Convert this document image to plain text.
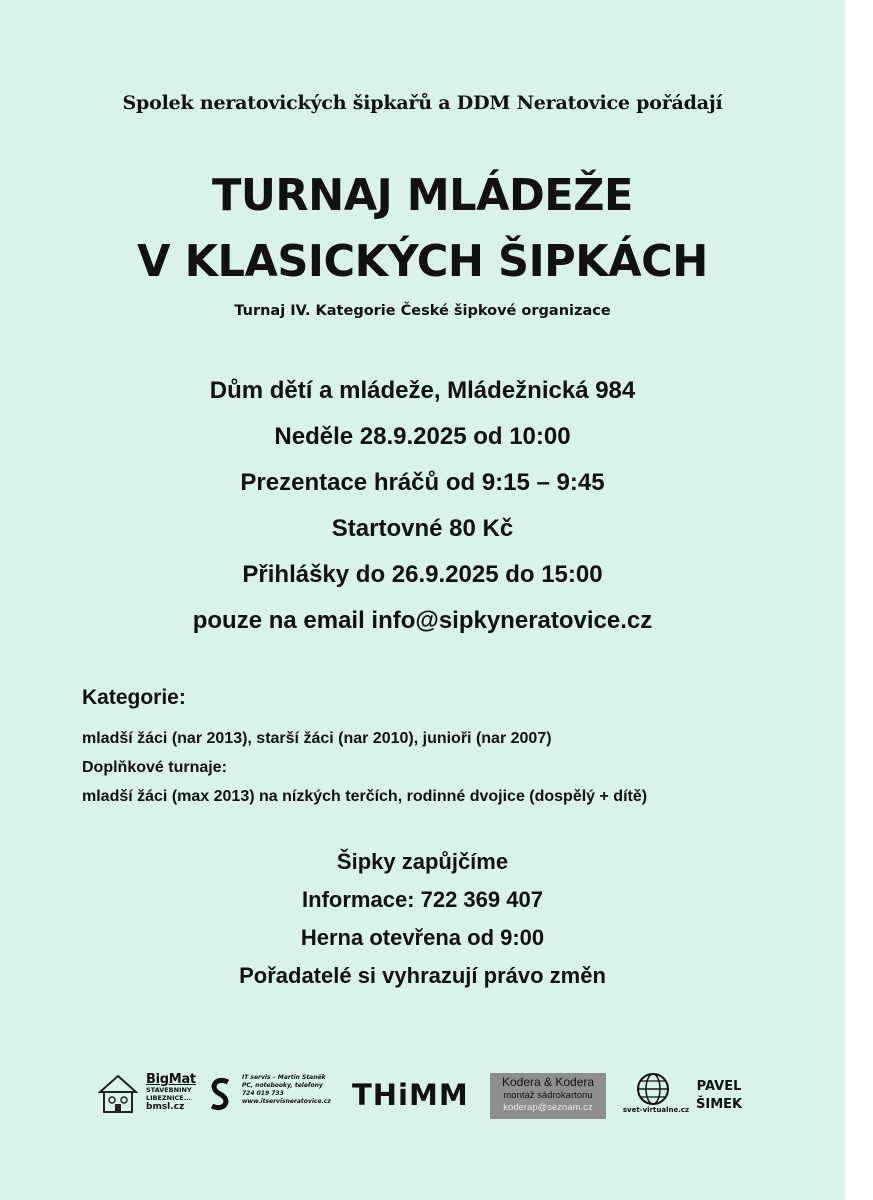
Spolek neratovických šipkařů a DDM Neratovice pořádají
TURNAJ MLÁDEŽE
V KLASICKÝCH ŠIPKÁCH
Turnaj IV. Kategorie České šipkové organizace
Dům dětí a mládeže, Mládežnická 984
Neděle 28.9.2025 od 10:00
Prezentace hráčů od 9:15 – 9:45
Startovné 80 Kč
Přihlášky do 26.9.2025 do 15:00
pouze na email info@sipkyneratovice.cz
Kategorie:
mladší žáci (nar 2013), starší žáci (nar 2010), junioři (nar 2007)
Doplňkové turnaje:
mladší žáci (max 2013) na nízkých terčích, rodinné dvojice (dospělý + dítě)
Šipky zapůjčíme
Informace: 722 369 407
Herna otevřena od 9:00
Pořadatelé si vyhrazují právo změn
BigMat
STAVEBNINY
LIBEZNICE...
bmsl.cz
IT servis – Martin Staněk
PC, notebooky, telefony
724 019 733
www.itservisneratovice.cz THiMM	Kodera & Kodera
montáž sádrokartonu
koderap@seznam.cz	svet-virtualne.cz
PAVEL
ŠIMEK
